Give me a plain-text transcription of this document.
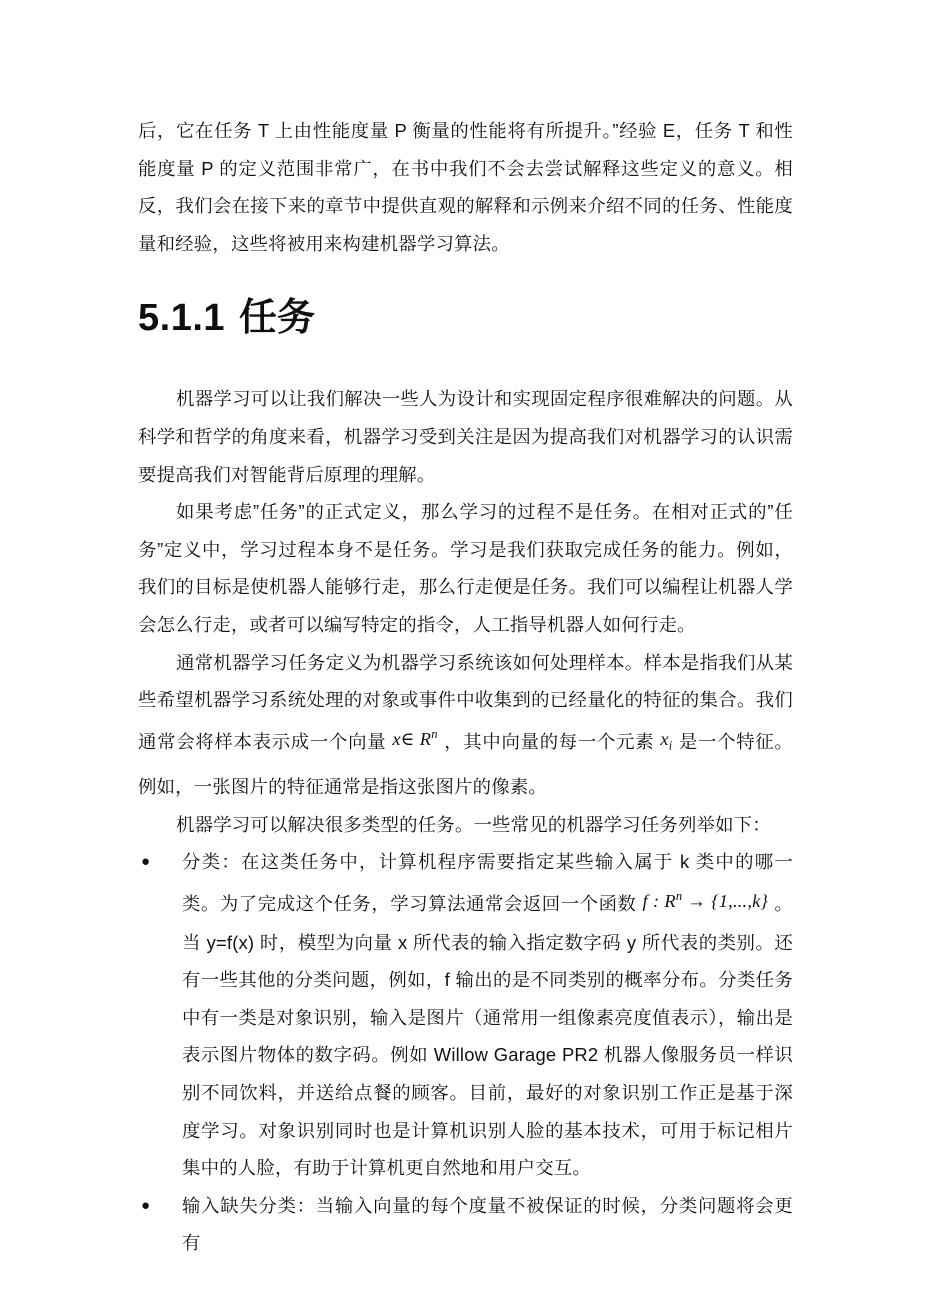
后，它在任务 T 上由性能度量 P 衡量的性能将有所提升。”经验 E，任务 T 和性能度量 P 的定义范围非常广，在书中我们不会去尝试解释这些定义的意义。相反，我们会在接下来的章节中提供直观的解释和示例来介绍不同的任务、性能度量和经验，这些将被用来构建机器学习算法。

5.1.1 任务

机器学习可以让我们解决一些人为设计和实现固定程序很难解决的问题。从科学和哲学的角度来看，机器学习受到关注是因为提高我们对机器学习的认识需要提高我们对智能背后原理的理解。

如果考虑”任务”的正式定义，那么学习的过程不是任务。在相对正式的”任务”定义中，学习过程本身不是任务。学习是我们获取完成任务的能力。例如，我们的目标是使机器人能够行走，那么行走便是任务。我们可以编程让机器人学会怎么行走，或者可以编写特定的指令，人工指导机器人如何行走。

通常机器学习任务定义为机器学习系统该如何处理样本。样本是指我们从某些希望机器学习系统处理的对象或事件中收集到的已经量化的特征的集合。我们通常会将样本表示成一个向量 x∈ $R^n$ ，其中向量的每一个元素 $x_i$ 是一个特征。例如，一张图片的特征通常是指这张图片的像素。

机器学习可以解决很多类型的任务。一些常见的机器学习任务列举如下：

● 分类：在这类任务中，计算机程序需要指定某些输入属于 k 类中的哪一类。为了完成这个任务，学习算法通常会返回一个函数 f : $R^n \to \{1,...,k\}$ 。当 y=f(x) 时，模型为向量 x 所代表的输入指定数字码 y 所代表的类别。还有一些其他的分类问题，例如，f 输出的是不同类别的概率分布。分类任务中有一类是对象识别，输入是图片（通常用一组像素亮度值表示），输出是表示图片物体的数字码。例如 Willow Garage PR2 机器人像服务员一样识别不同饮料，并送给点餐的顾客。目前，最好的对象识别工作正是基于深度学习。对象识别同时也是计算机识别人脸的基本技术，可用于标记相片集中的人脸，有助于计算机更自然地和用户交互。
● 输入缺失分类：当输入向量的每个度量不被保证的时候，分类问题将会更有
